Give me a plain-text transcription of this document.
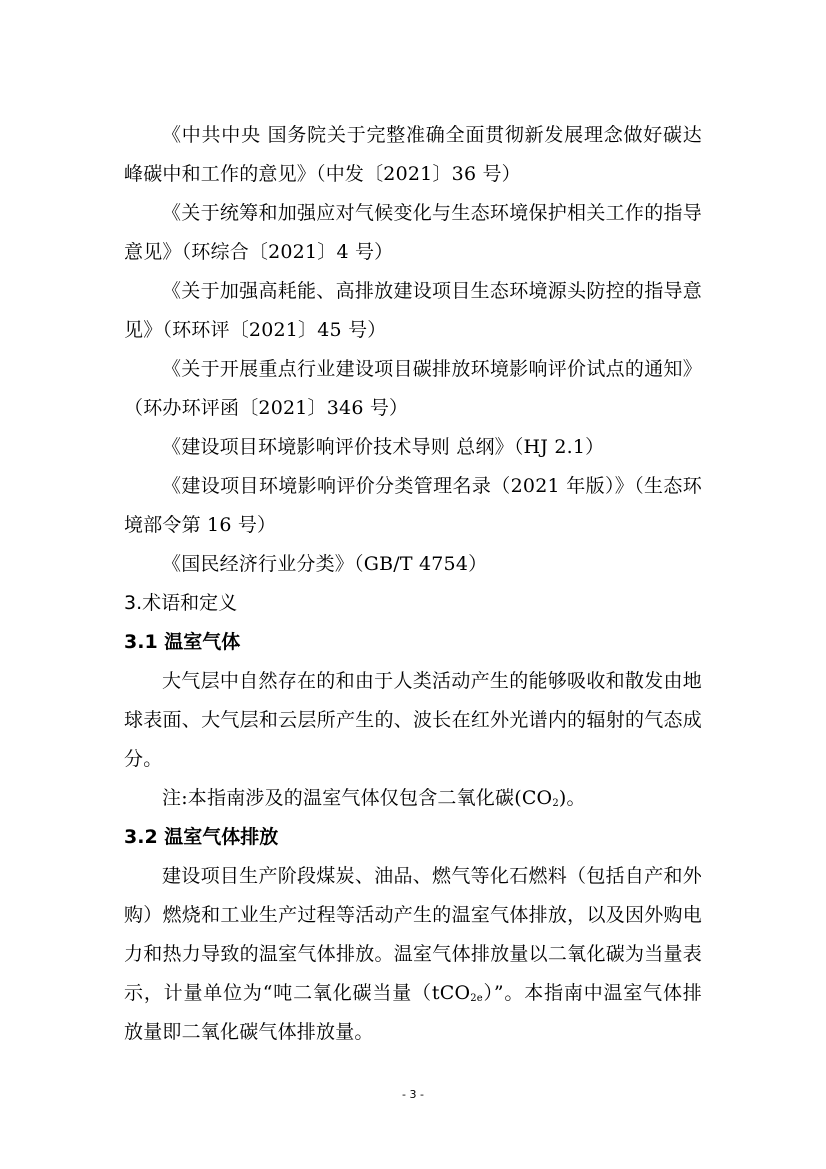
《中共中央 国务院关于完整准确全面贯彻新发展理念做好碳达峰碳中和工作的意见》（中发〔2021〕36 号）

《关于统筹和加强应对气候变化与生态环境保护相关工作的指导意见》（环综合〔2021〕4 号）

《关于加强高耗能、高排放建设项目生态环境源头防控的指导意见》（环环评〔2021〕45 号）

《关于开展重点行业建设项目碳排放环境影响评价试点的通知》（环办环评函〔2021〕346 号）

《建设项目环境影响评价技术导则 总纲》（HJ 2.1）

《建设项目环境影响评价分类管理名录（2021 年版）》（生态环境部令第 16 号）

《国民经济行业分类》（GB/T 4754）

3.术语和定义
3.1 温室气体

大气层中自然存在的和由于人类活动产生的能够吸收和散发由地球表面、大气层和云层所产生的、波长在红外光谱内的辐射的气态成分。

注:本指南涉及的温室气体仅包含二氧化碳$(CO_2)$。

3.2 温室气体排放

建设项目生产阶段煤炭、油品、燃气等化石燃料（包括自产和外购）燃烧和工业生产过程等活动产生的温室气体排放，以及因外购电力和热力导致的温室气体排放。温室气体排放量以二氧化碳为当量表示，计量单位为“吨二氧化碳当量（tCO$_{2e}$）”。本指南中温室气体排放量即二氧化碳气体排放量。

- 3 -
